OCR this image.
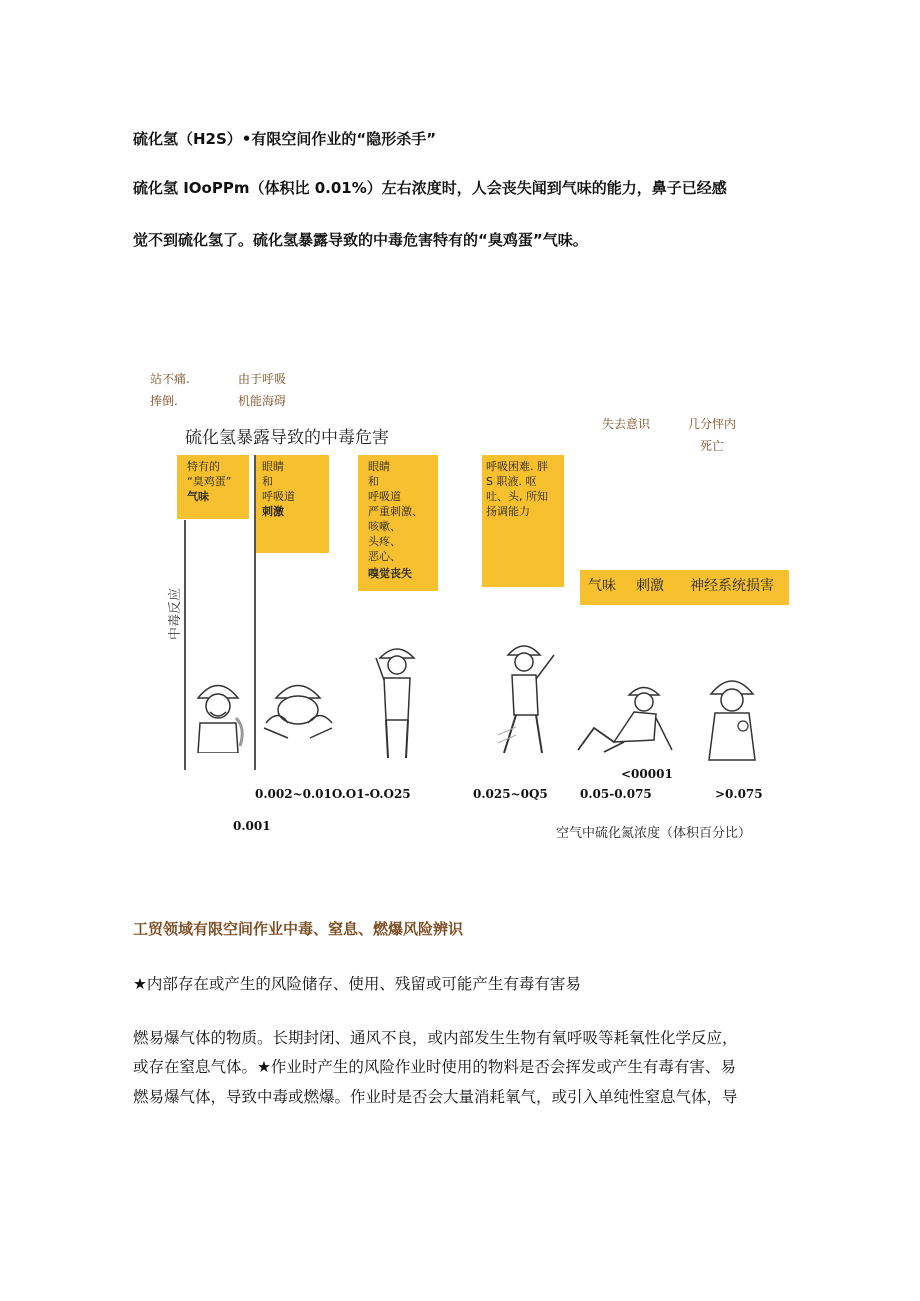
硫化氢（H2S）•有限空间作业的“隐形杀手”
硫化氢 IOoPPm（体积比 0.01%）左右浓度时，人会丧失闻到气味的能力，鼻子已经感
觉不到硫化氢了。硫化氢暴露导致的中毒危害特有的“臭鸡蛋”气味。
站不痛.
捧倒.
由于呼吸
机能海碍
失去意识	几分怦内
死亡
硫化氢暴露导致的中毒危害
中毒反应
特有的
“臭鸡蛋”
气味
眼睛
和
呼吸道
刺激
眼睛
和
呼吸道
严重刺激、
咳嗽、
头疼、
恶心、
嗅觉丧失
呼吸困难. 胖
S 职液. 呕
吐、头, 所知
扬调能力
气味 刺激 神经系统损害
0.001
0.002~0.01O.O1-O.O25	0.025~0Q5
<00001
0.05-0.075	>0.075
空气中硫化氮浓度（体积百分比）
工贸领域有限空间作业中毒、窒息、燃爆风险辨识
★内部存在或产生的风险储存、使用、残留或可能产生有毒有害易
燃易爆气体的物质。长期封闭、通风不良，或内部发生生物有氧呼吸等耗氧性化学反应，
或存在窒息气体。★作业时产生的风险作业时使用的物料是否会挥发或产生有毒有害、易
燃易爆气体，导致中毒或燃爆。作业时是否会大量消耗氧气，或引入单纯性窒息气体，导
